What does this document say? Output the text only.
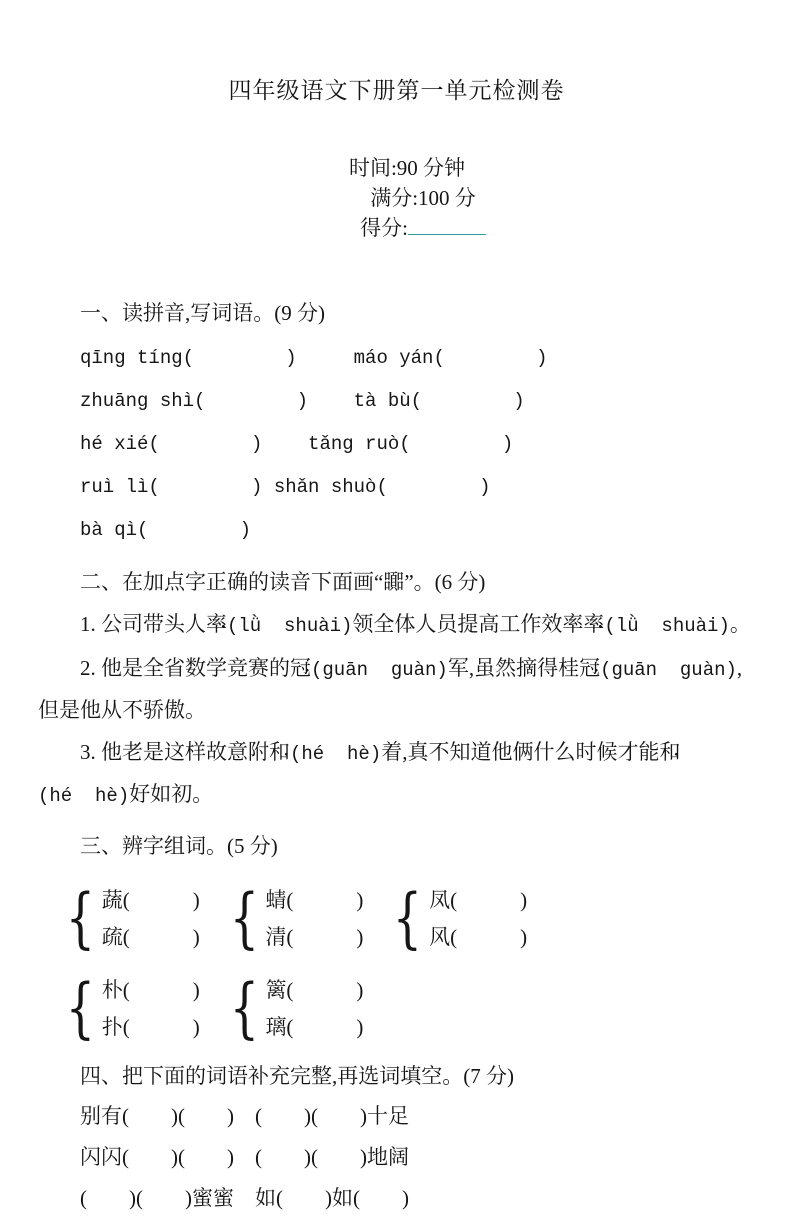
四年级语文下册第一单元检测卷

时间:90 分钟
满分:100 分
得分:

一、读拼音,写词语。(9 分)

qīng tíng(        )     máo yán(        )
zhuāng shì(        )    tà bù(        )
hé xié(        )    tǎng ruò(        )
ruì lì(        ) shǎn shuò(        )
bà qì(        )

二、在加点字正确的读音下面画“嚻”。(6 分)

1. 公司带头人率 ●(lǜ  shuài)领全体人员提高工作效率率 ●(lǜ  shuài)。

2. 他是全省数学竞赛的冠 ●(guān  guàn)军,虽然摘得桂冠 ●(guān  guàn),但是他从不骄傲。

3. 他老是这样故意附和 ●(hé  hè)着,真不知道他俩什么时候才能和 ●(hé  hè)好如初。

三、辨字组词。(5 分)

{ 蔬(　　　)
疏(　　　) { 蜻(　　　)
清(　　　) { 凤(　　　)
风(　　　)
{ 朴(　　　)
扑(　　　) { 篱(　　　)
璃(　　　)

四、把下面的词语补充完整,再选词填空。(7 分)

别有(　　)(　　)　(　　)(　　)十足
闪闪(　　)(　　)　(　　)(　　)地阔
(　　)(　　)蜜蜜　如(　　)如(　　)
